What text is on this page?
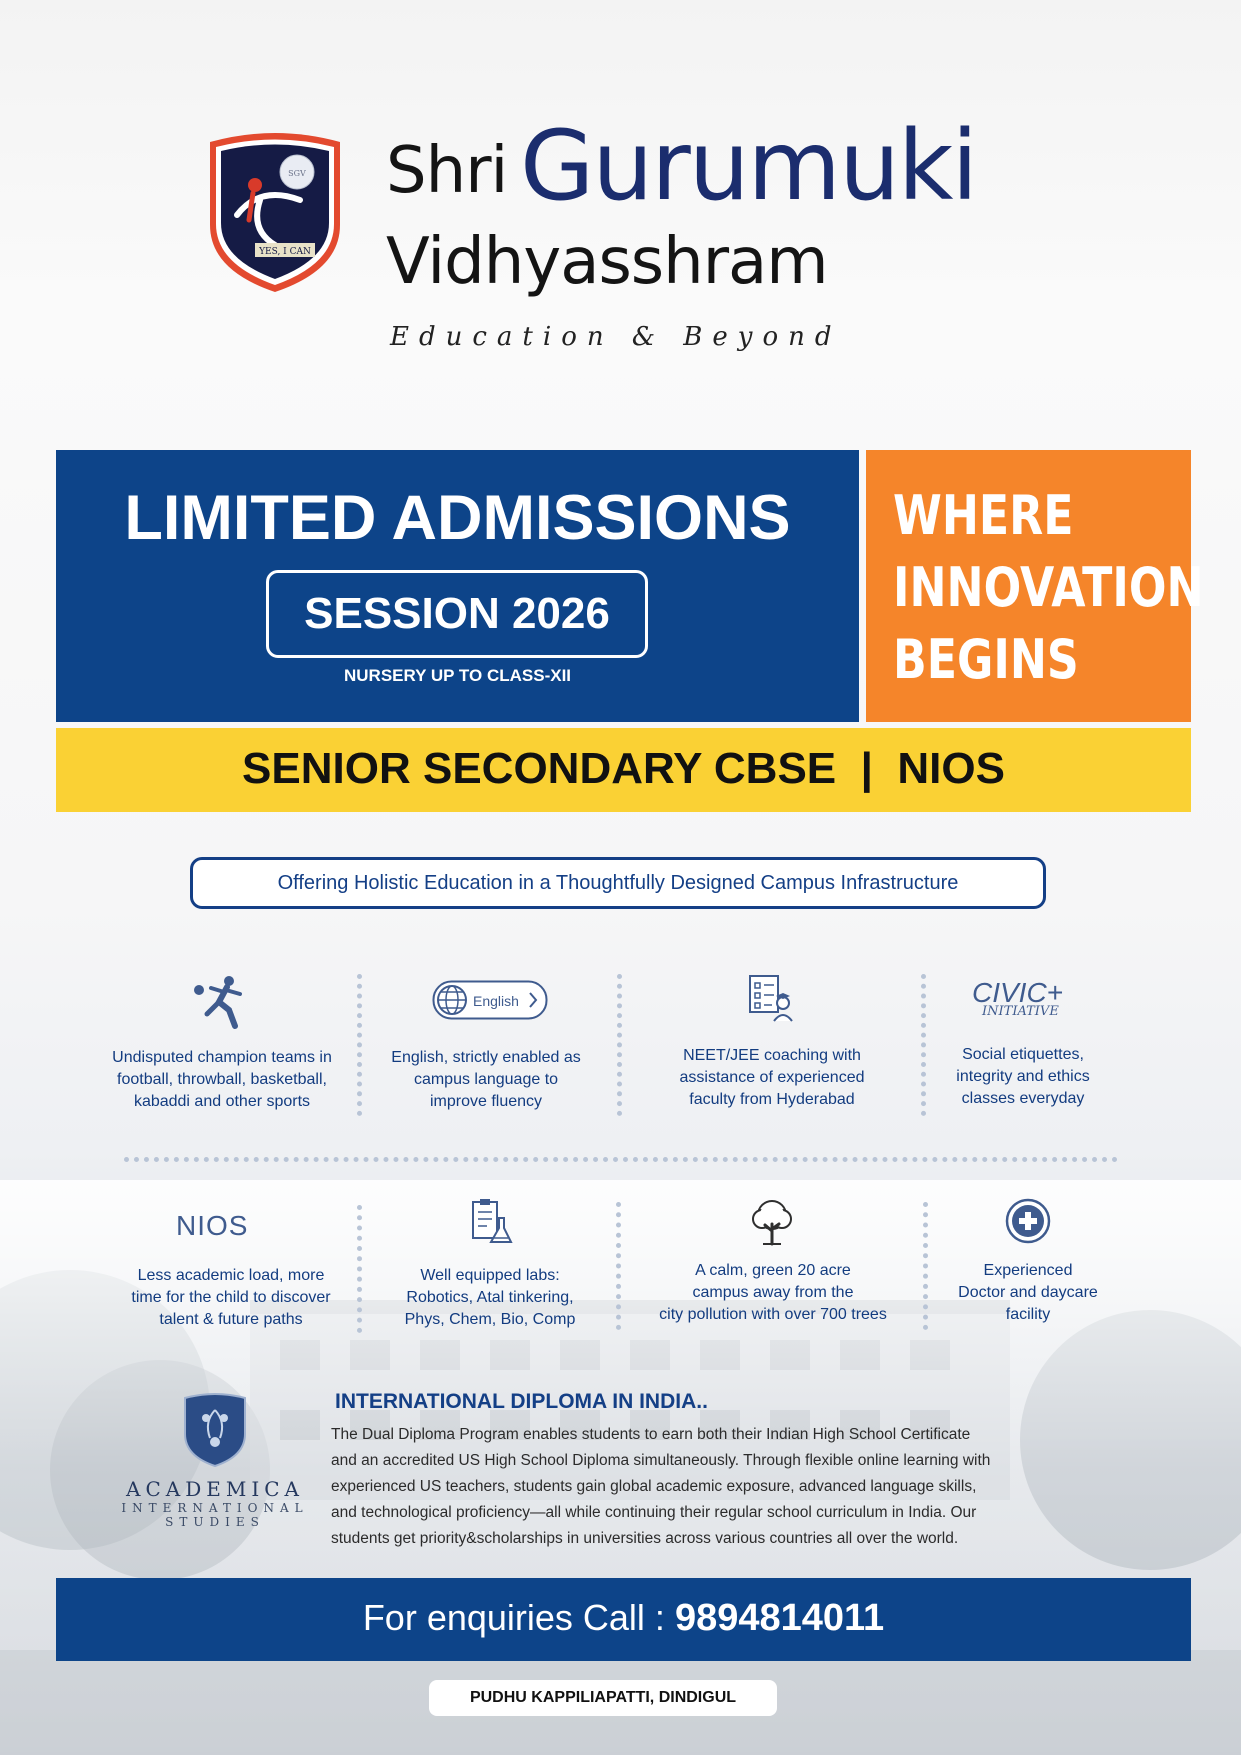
YES, I CAN
SGV Shri Gurumuki
Vidhyasshram
Education & Beyond
LIMITED ADMISSIONS
SESSION 2026
NURSERY UP TO CLASS-XII
WHERE
INNOVATION
BEGINS
SENIOR SECONDARY CBSE  |  NIOS
Offering Holistic Education in a Thoughtfully Designed Campus Infrastructure
English	CIVIC+
INITIATIVE
Undisputed champion teams in
football, throwball, basketball,
kabaddi and other sports
English, strictly enabled as
campus language to
improve fluency
NEET/JEE coaching with
assistance of experienced
faculty from Hyderabad
Social etiquettes,
integrity and ethics
classes everyday
NIOS
Less academic load, more
time for the child to discover
talent & future paths
Well equipped labs:
Robotics, Atal tinkering,
Phys, Chem, Bio, Comp
A calm, green 20 acre
campus away from the
city pollution with over 700 trees
Experienced
Doctor and daycare
facility
ACADEMICA
INTERNATIONAL
STUDIES
INTERNATIONAL DIPLOMA IN INDIA..
The Dual Diploma Program enables students to earn both their Indian High School Certificate
and an accredited US High School Diploma simultaneously. Through flexible online learning with
experienced US teachers, students gain global academic exposure, advanced language skills,
and technological proficiency—all while continuing their regular school curriculum in India. Our
students get priority&scholarships in universities across various countries all over the world.
For enquiries Call : 9894814011
PUDHU KAPPILIAPATTI, DINDIGUL
